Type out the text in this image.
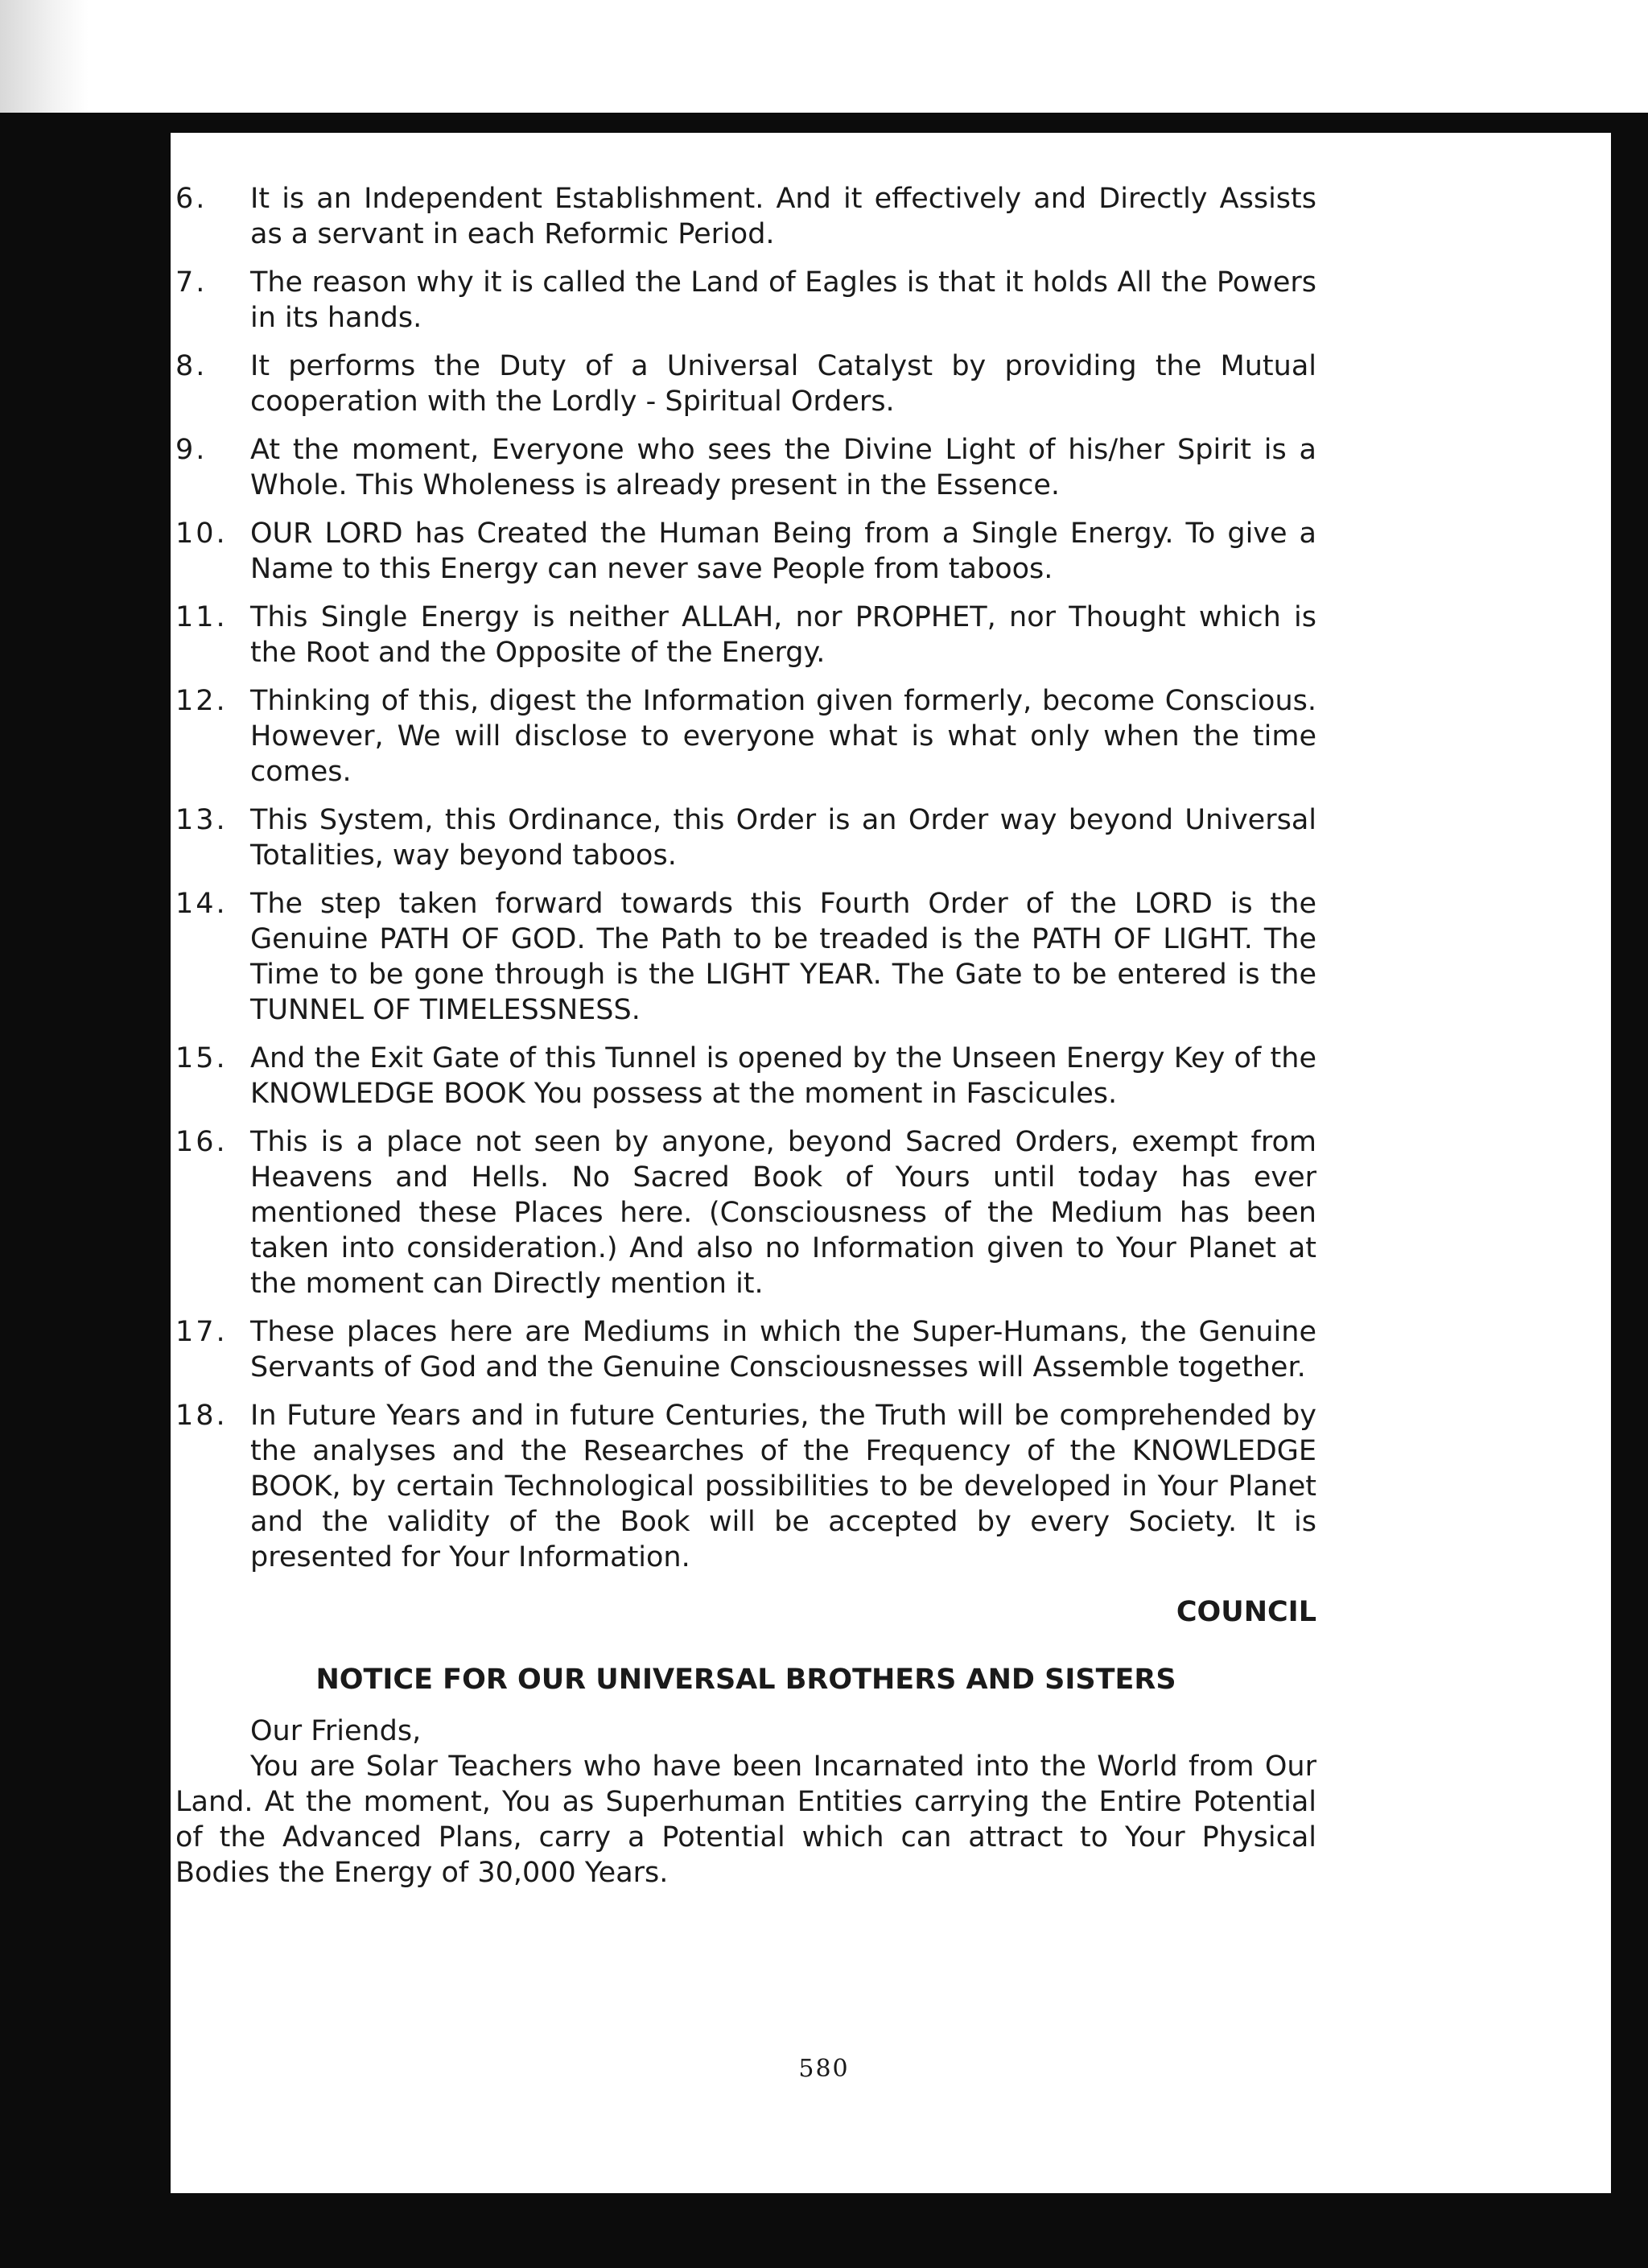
6.	It is an Independent Establishment. And it effectively and Directly Assists as a servant in each Reformic Period.
7.	The reason why it is called the Land of Eagles is that it holds All the Powers in its hands.
8.	It performs the Duty of a Universal Catalyst by providing the Mutual cooperation with the Lordly - Spiritual Orders.
9.	At the moment, Everyone who sees the Divine Light of his/her Spirit is a Whole. This Wholeness is already present in the Essence.
10. OUR LORD has Created the Human Being from a Single Energy. To give a Name to this Energy can never save People from taboos.
11. This Single Energy is neither ALLAH, nor PROPHET, nor Thought which is the Root and the Opposite of the Energy.
12. Thinking of this, digest the Information given formerly, become Conscious. However, We will disclose to everyone what is what only when the time comes.
13. This System, this Ordinance, this Order is an Order way beyond Universal Totalities, way beyond taboos.
14. The step taken forward towards this Fourth Order of the LORD is the Genuine PATH OF GOD. The Path to be treaded is the PATH OF LIGHT. The Time to be gone through is the LIGHT YEAR. The Gate to be entered is the TUNNEL OF TIMELESSNESS.
15. And the Exit Gate of this Tunnel is opened by the Unseen Energy Key of the KNOWLEDGE BOOK You possess at the moment in Fascicules.
16. This is a place not seen by anyone, beyond Sacred Orders, exempt from Heavens and Hells. No Sacred Book of Yours until today has ever mentioned these Places here. (Consciousness of the Medium has been taken into consideration.) And also no Information given to Your Planet at the moment can Directly mention it.
17. These places here are Mediums in which the Super-Humans, the Genuine Servants of God and the Genuine Consciousnesses will Assemble together.
18. In Future Years and in future Centuries, the Truth will be comprehended by the analyses and the Researches of the Frequency of the KNOWLEDGE BOOK, by certain Technological possibilities to be developed in Your Planet and the validity of the Book will be accepted by every Society. It is presented for Your Information.
COUNCIL
NOTICE FOR OUR UNIVERSAL BROTHERS AND SISTERS
Our Friends,
You are Solar Teachers who have been Incarnated into the World from Our Land. At the moment, You as Superhuman Entities carrying the Entire Potential of the Advanced Plans, carry a Potential which can attract to Your Physical Bodies the Energy of 30,000 Years.
580
